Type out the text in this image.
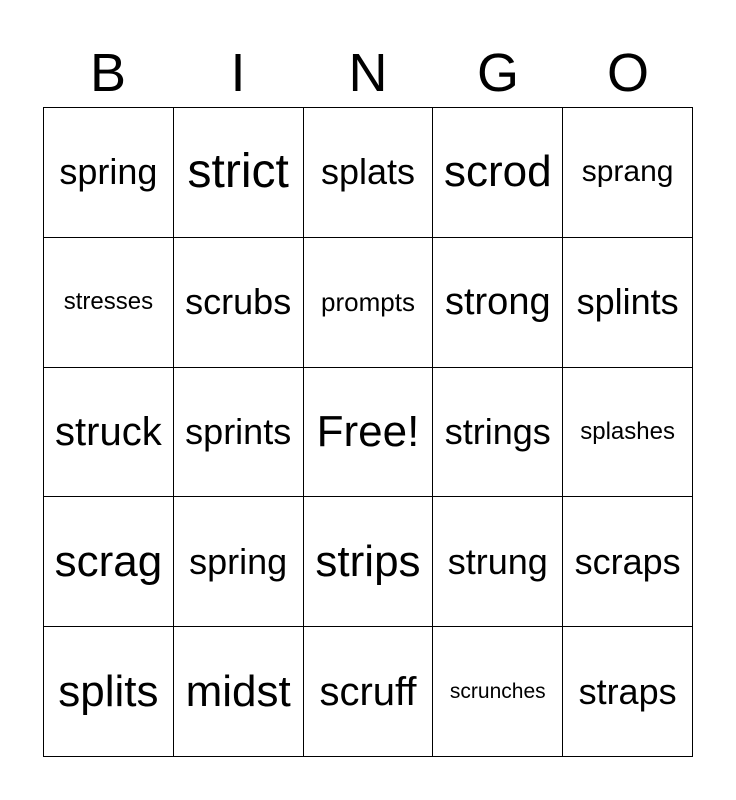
B	I	N	G	O
spring strict splats scrod	sprang
stresses scrubs	prompts strong splints
struck sprints Free! strings	splashes
scrag spring strips strung scraps
splits midst scruff	scrunches straps
